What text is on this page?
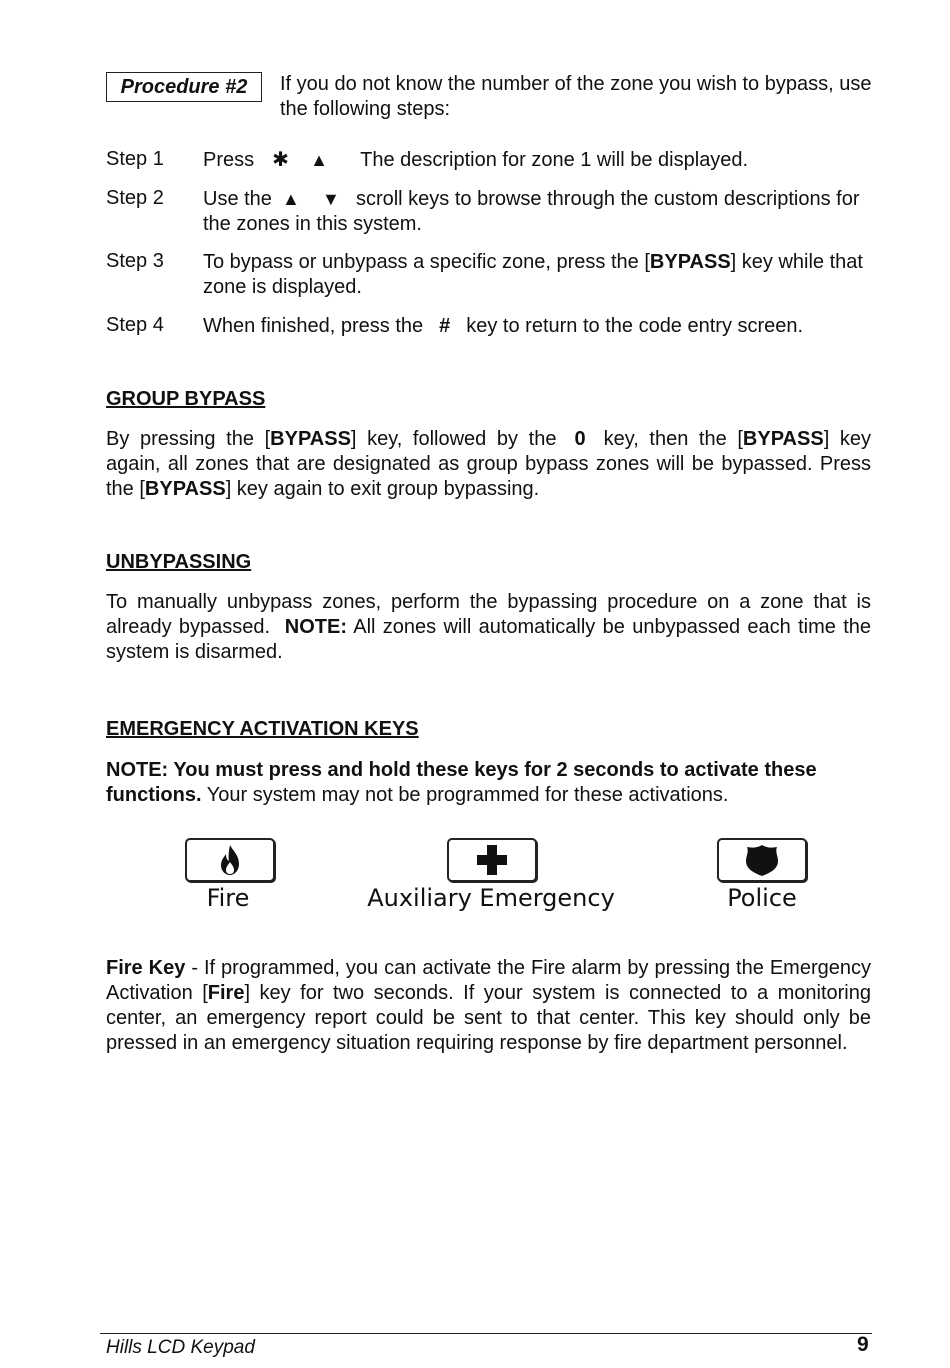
Procedure #2	If you do not know the number of the zone you wish to bypass, use the following steps:
Step 1 Press ✱ ▲ The description for zone 1 will be displayed.
Step 2 Use the ▲ ▼ scroll keys to browse through the custom descriptions for the zones in this system.
Step 3 To bypass or unbypass a specific zone, press the [BYPASS] key while that zone is displayed.
Step 4 When finished, press the # key to return to the code entry screen.
GROUP BYPASS
By pressing the [BYPASS] key, followed by the 0 key, then the [BYPASS] key again, all zones that are designated as group bypass zones will be bypassed. Press the [BYPASS] key again to exit group bypassing.
UNBYPASSING
To manually unbypass zones, perform the bypassing procedure on a zone that is already bypassed. NOTE: All zones will automatically be unbypassed each time the system is disarmed.
EMERGENCY ACTIVATION KEYS
NOTE: You must press and hold these keys for 2 seconds to activate these functions. Your system may not be programmed for these activations.
Fire	Auxiliary Emergency	Police
Fire Key - If programmed, you can activate the Fire alarm by pressing the Emergency Activation [Fire] key for two seconds. If your system is connected to a monitoring center, an emergency report could be sent to that center. This key should only be pressed in an emergency situation requiring response by fire department personnel.
Hills LCD Keypad	9
